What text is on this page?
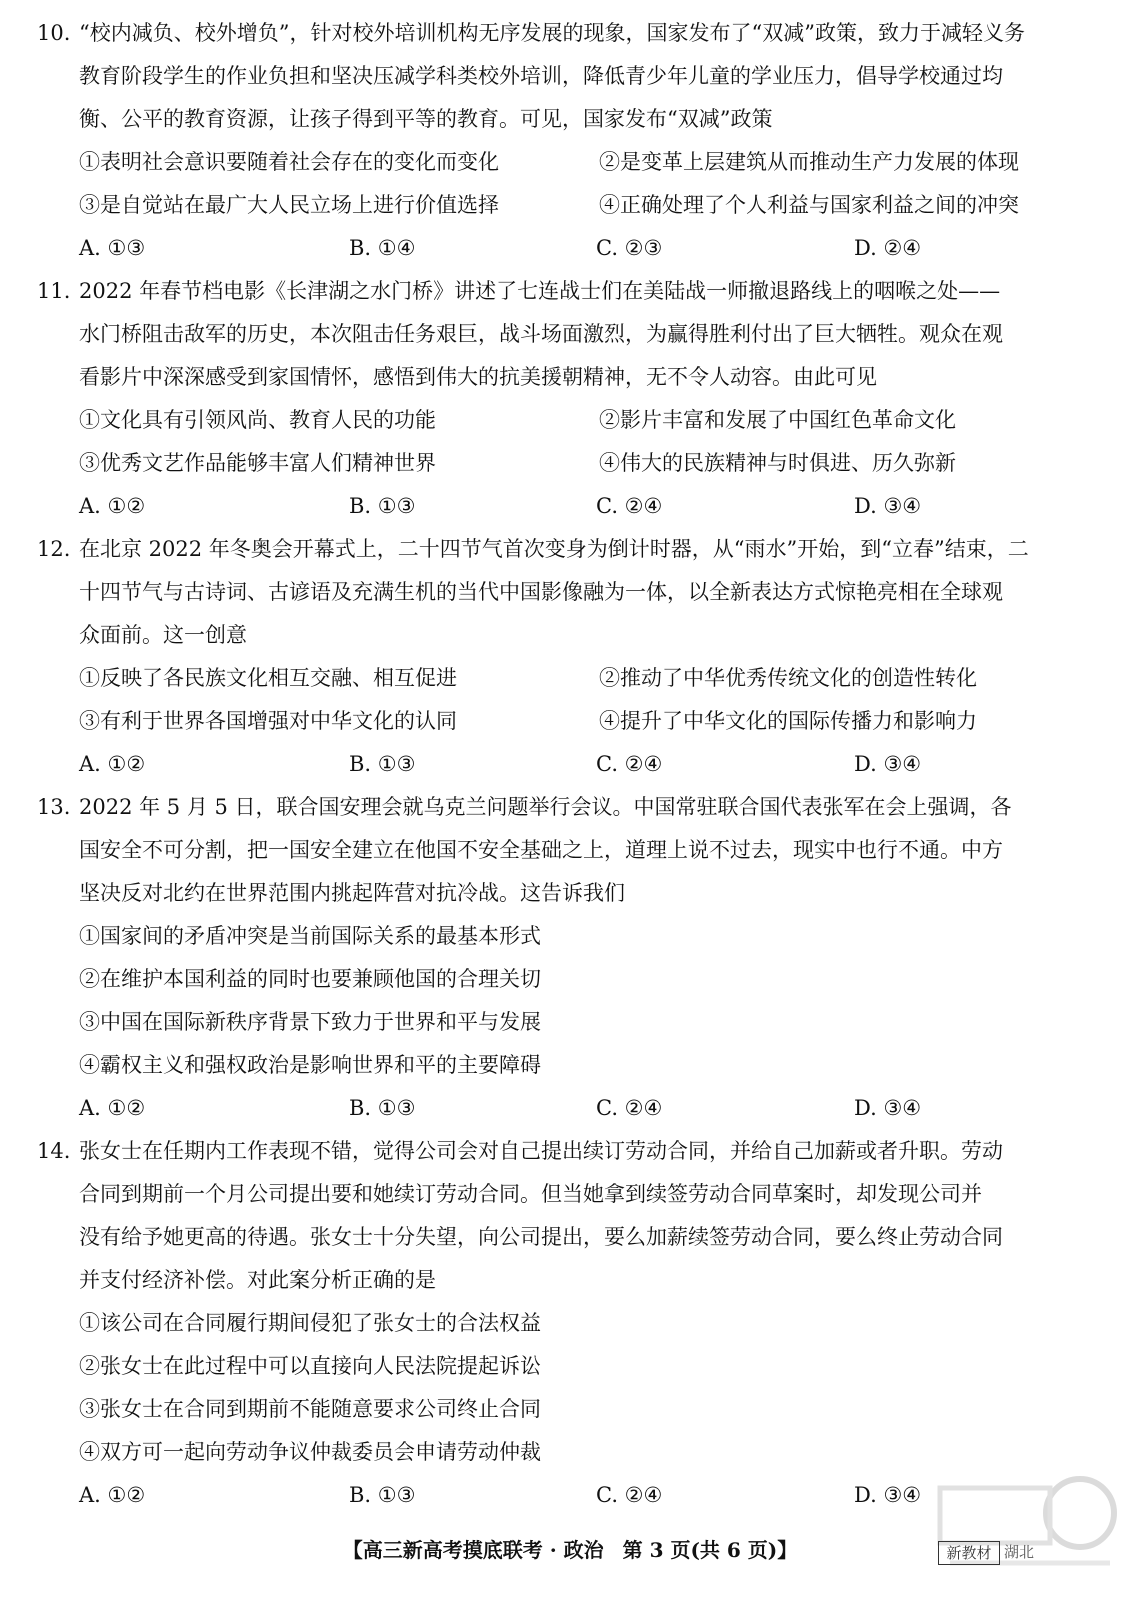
10. “校内减负、校外增负”，针对校外培训机构无序发展的现象，国家发布了“双减”政策，致力于减轻义务
教育阶段学生的作业负担和坚决压减学科类校外培训，降低青少年儿童的学业压力，倡导学校通过均
衡、公平的教育资源，让孩子得到平等的教育。可见，国家发布“双减”政策
①表明社会意识要随着社会存在的变化而变化	②是变革上层建筑从而推动生产力发展的体现
③是自觉站在最广大人民立场上进行价值选择	④正确处理了个人利益与国家利益之间的冲突
A. ①③	B. ①④	C. ②③	D. ②④
11. 2022 年春节档电影《长津湖之水门桥》讲述了七连战士们在美陆战一师撤退路线上的咽喉之处——
水门桥阻击敌军的历史，本次阻击任务艰巨，战斗场面激烈，为赢得胜利付出了巨大牺牲。观众在观
看影片中深深感受到家国情怀，感悟到伟大的抗美援朝精神，无不令人动容。由此可见
①文化具有引领风尚、教育人民的功能	②影片丰富和发展了中国红色革命文化
③优秀文艺作品能够丰富人们精神世界	④伟大的民族精神与时俱进、历久弥新
A. ①②	B. ①③	C. ②④	D. ③④
12. 在北京 2022 年冬奥会开幕式上，二十四节气首次变身为倒计时器，从“雨水”开始，到“立春”结束，二
十四节气与古诗词、古谚语及充满生机的当代中国影像融为一体，以全新表达方式惊艳亮相在全球观
众面前。这一创意
①反映了各民族文化相互交融、相互促进	②推动了中华优秀传统文化的创造性转化
③有利于世界各国增强对中华文化的认同	④提升了中华文化的国际传播力和影响力
A. ①②	B. ①③	C. ②④	D. ③④
13. 2022 年 5 月 5 日，联合国安理会就乌克兰问题举行会议。中国常驻联合国代表张军在会上强调，各
国安全不可分割，把一国安全建立在他国不安全基础之上，道理上说不过去，现实中也行不通。中方
坚决反对北约在世界范围内挑起阵营对抗冷战。这告诉我们
①国家间的矛盾冲突是当前国际关系的最基本形式
②在维护本国利益的同时也要兼顾他国的合理关切
③中国在国际新秩序背景下致力于世界和平与发展
④霸权主义和强权政治是影响世界和平的主要障碍
A. ①②	B. ①③	C. ②④	D. ③④
14. 张女士在任期内工作表现不错，觉得公司会对自己提出续订劳动合同，并给自己加薪或者升职。劳动
合同到期前一个月公司提出要和她续订劳动合同。但当她拿到续签劳动合同草案时，却发现公司并
没有给予她更高的待遇。张女士十分失望，向公司提出，要么加薪续签劳动合同，要么终止劳动合同
并支付经济补偿。对此案分析正确的是
①该公司在合同履行期间侵犯了张女士的合法权益
②张女士在此过程中可以直接向人民法院提起诉讼
③张女士在合同到期前不能随意要求公司终止合同
④双方可一起向劳动争议仲裁委员会申请劳动仲裁
A. ①②	B. ①③	C. ②④	D. ③④
【高三新高考摸底联考 · 政治 第 3 页(共 6 页)】	新教材 湖北
